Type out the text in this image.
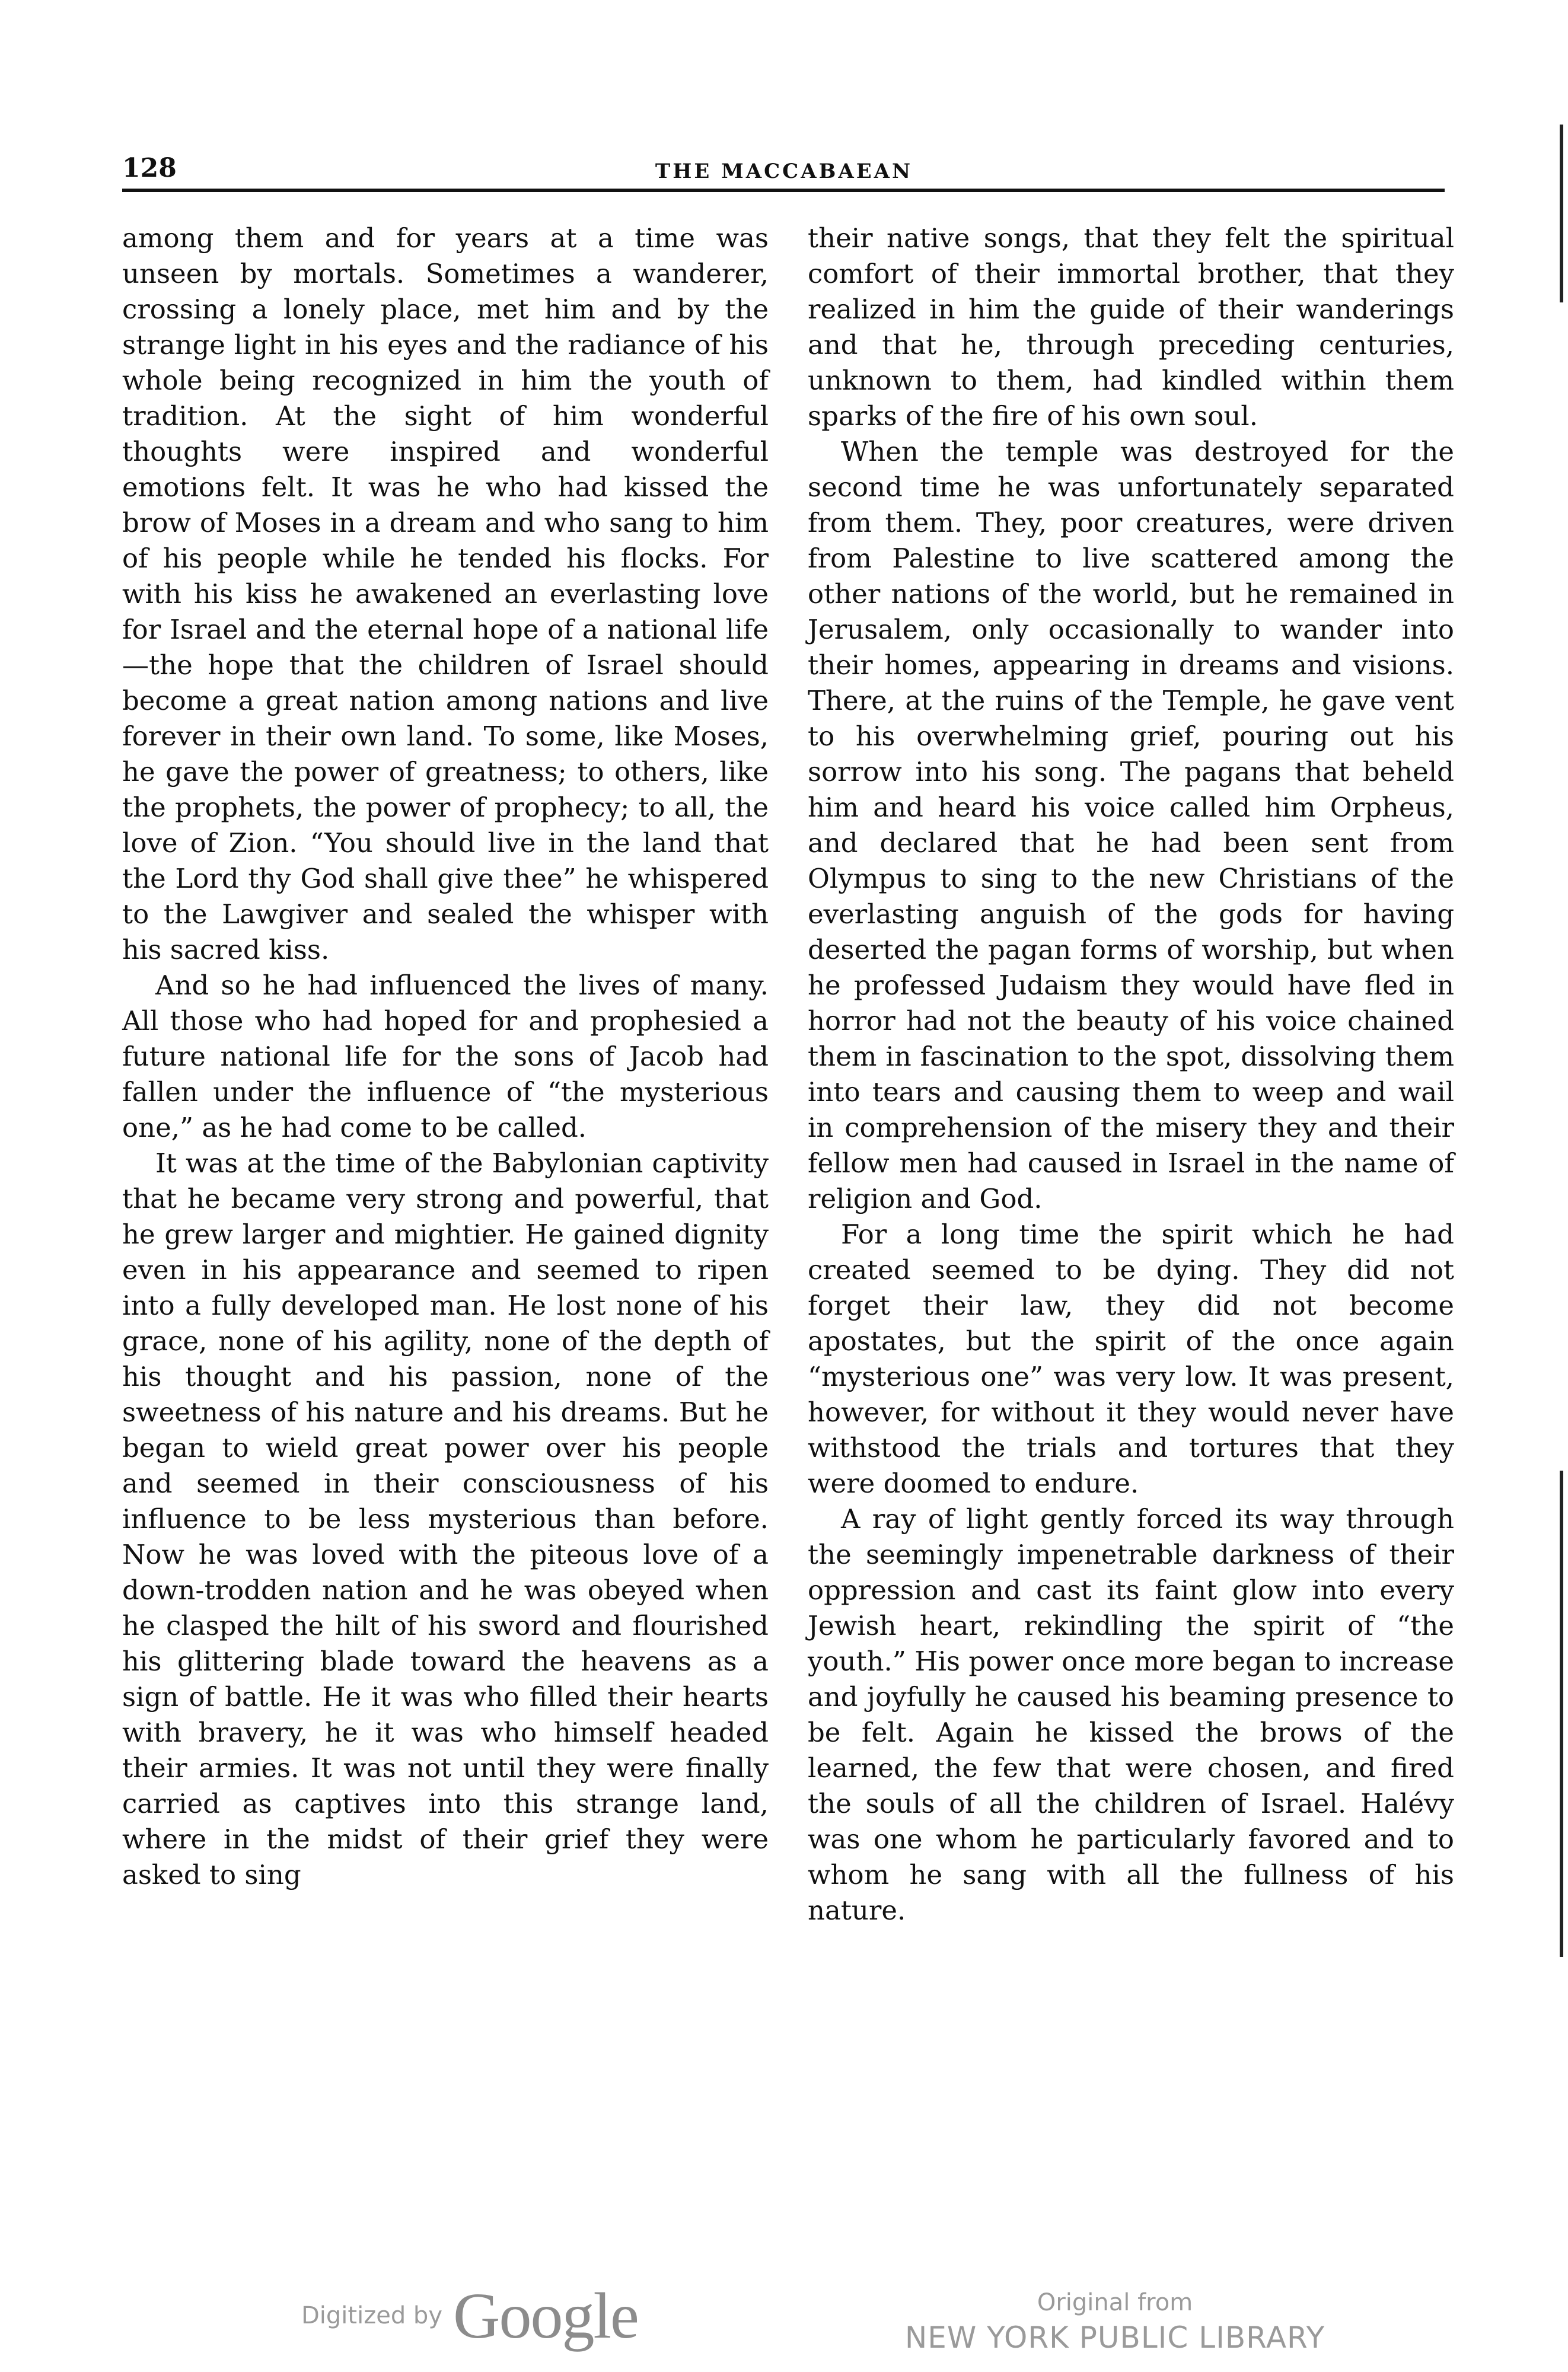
128	THE MACCABAEAN

among them and for years at a time was unseen by mortals. Sometimes a wanderer, crossing a lonely place, met him and by the strange light in his eyes and the radiance of his whole being recognized in him the youth of tradition. At the sight of him wonderful thoughts were inspired and wonderful emotions felt. It was he who had kissed the brow of Moses in a dream and who sang to him of his people while he tended his flocks. For with his kiss he awakened an everlasting love for Israel and the eternal hope of a national life—the hope that the children of Israel should become a great nation among nations and live forever in their own land. To some, like Moses, he gave the power of greatness; to others, like the prophets, the power of prophecy; to all, the love of Zion. “You should live in the land that the Lord thy God shall give thee” he whispered to the Lawgiver and sealed the whisper with his sacred kiss.

And so he had influenced the lives of many. All those who had hoped for and prophesied a future national life for the sons of Jacob had fallen under the influence of “the mysterious one,” as he had come to be called.

It was at the time of the Babylonian captivity that he became very strong and powerful, that he grew larger and mightier. He gained dignity even in his appearance and seemed to ripen into a fully developed man. He lost none of his grace, none of his agility, none of the depth of his thought and his passion, none of the sweetness of his nature and his dreams. But he began to wield great power over his people and seemed in their consciousness of his influence to be less mysterious than before. Now he was loved with the piteous love of a down-trodden nation and he was obeyed when he clasped the hilt of his sword and flourished his glittering blade toward the heavens as a sign of battle. He it was who filled their hearts with bravery, he it was who himself headed their armies. It was not until they were finally carried as captives into this strange land, where in the midst of their grief they were asked to sing

their native songs, that they felt the spiritual comfort of their immortal brother, that they realized in him the guide of their wanderings and that he, through preceding centuries, unknown to them, had kindled within them sparks of the fire of his own soul.

When the temple was destroyed for the second time he was unfortunately separated from them. They, poor creatures, were driven from Palestine to live scattered among the other nations of the world, but he remained in Jerusalem, only occasionally to wander into their homes, appearing in dreams and visions. There, at the ruins of the Temple, he gave vent to his overwhelming grief, pouring out his sorrow into his song. The pagans that beheld him and heard his voice called him Orpheus, and declared that he had been sent from Olympus to sing to the new Christians of the everlasting anguish of the gods for having deserted the pagan forms of worship, but when he professed Judaism they would have fled in horror had not the beauty of his voice chained them in fascination to the spot, dissolving them into tears and causing them to weep and wail in comprehension of the misery they and their fellow men had caused in Israel in the name of religion and God.

For a long time the spirit which he had created seemed to be dying. They did not forget their law, they did not become apostates, but the spirit of the once again “mysterious one” was very low. It was present, however, for without it they would never have withstood the trials and tortures that they were doomed to endure.

A ray of light gently forced its way through the seemingly impenetrable darkness of their oppression and cast its faint glow into every Jewish heart, rekindling the spirit of “the youth.” His power once more began to increase and joyfully he caused his beaming presence to be felt. Again he kissed the brows of the learned, the few that were chosen, and fired the souls of all the children of Israel. Halévy was one whom he particularly favored and to whom he sang with all the fullness of his nature.

Digitized by Google	Original from
NEW YORK PUBLIC LIBRARY
